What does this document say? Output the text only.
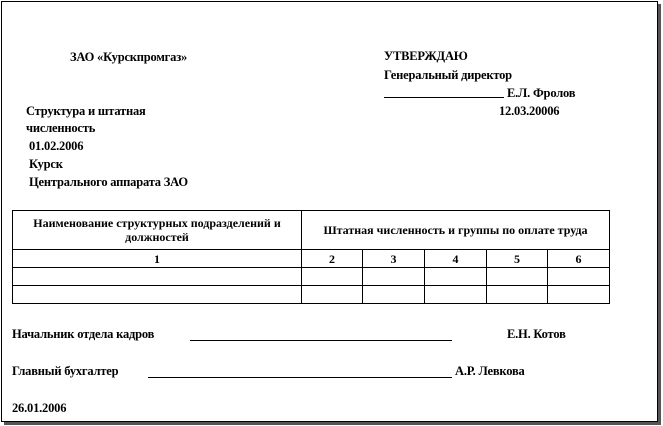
ЗАО «Курскпромгаз»	УТВЕРЖДАЮ
Генеральный директор
Е.Л. Фролов
12.03.20006
Структура и штатная
численность
01.02.2006
Курск
Центрального аппарата ЗАО
Наименование структурных подразделений и должностей	Штатная численность и группы по оплате труда				
1	2	3	4	5	6

Начальник отдела кадров	Е.Н. Котов
Главный бухгалтер	А.Р. Левкова
26.01.2006
